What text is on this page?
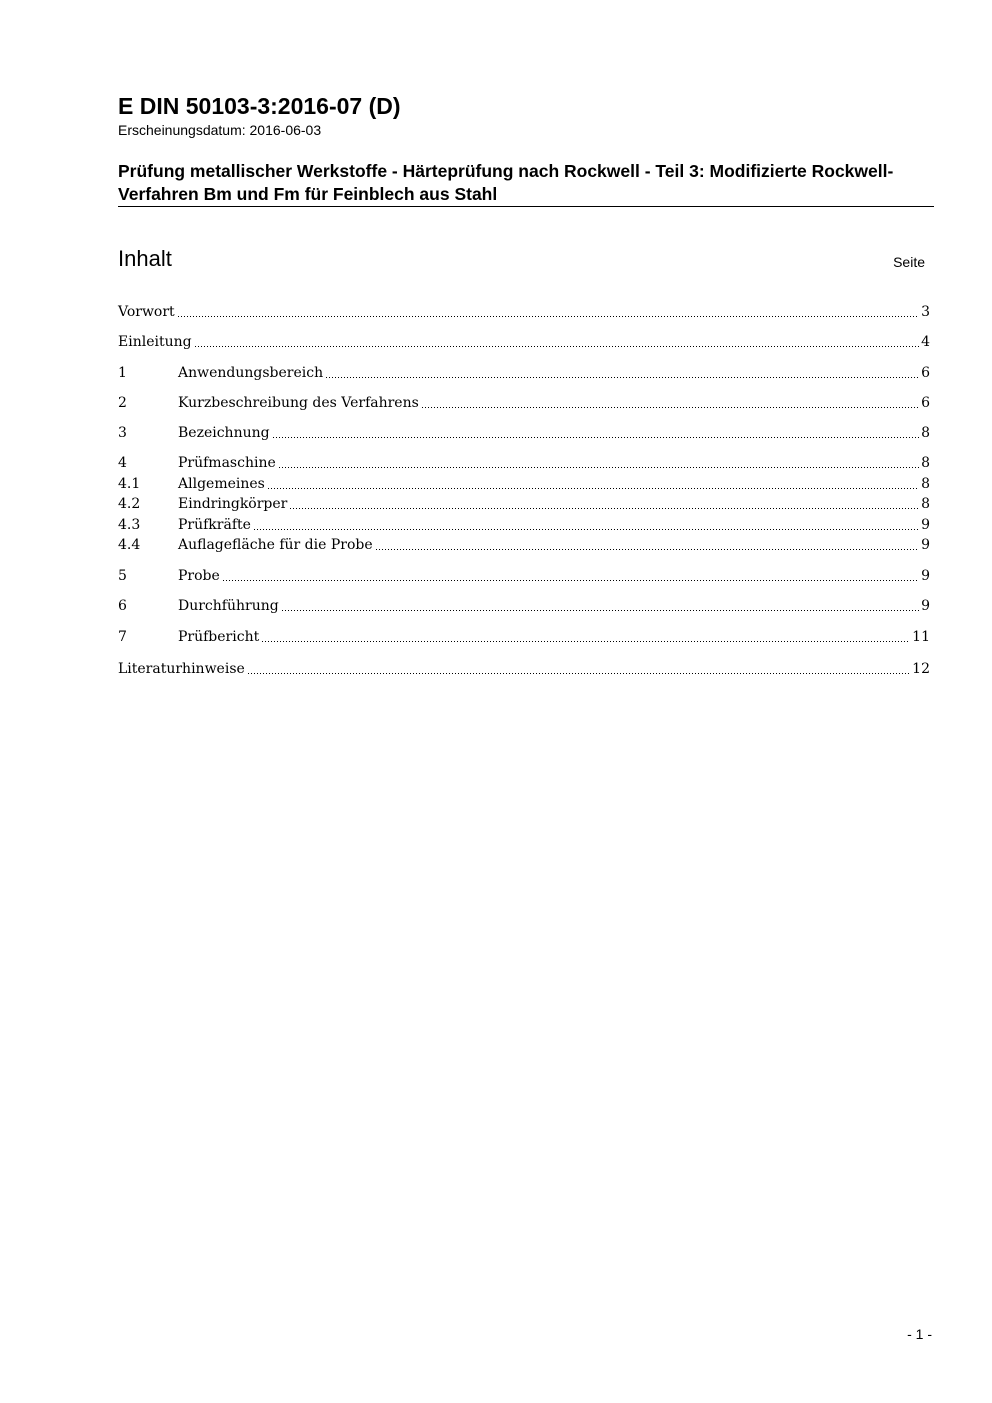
E DIN 50103-3:2016-07 (D)
Erscheinungsdatum: 2016-06-03
Prüfung metallischer Werkstoffe - Härteprüfung nach Rockwell - Teil 3: Modifizierte Rockwell-Verfahren Bm und Fm für Feinblech aus Stahl
Inhalt	Seite
Vorwort	3
Einleitung	4
1	Anwendungsbereich	6
2	Kurzbeschreibung des Verfahrens	6
3	Bezeichnung	8
4	Prüfmaschine	8
4.1	Allgemeines	8
4.2	Eindringkörper	8
4.3	Prüfkräfte	9
4.4	Auflagefläche für die Probe	9
5	Probe	9
6	Durchführung	9
7	Prüfbericht	11
Literaturhinweise	12
- 1 -
